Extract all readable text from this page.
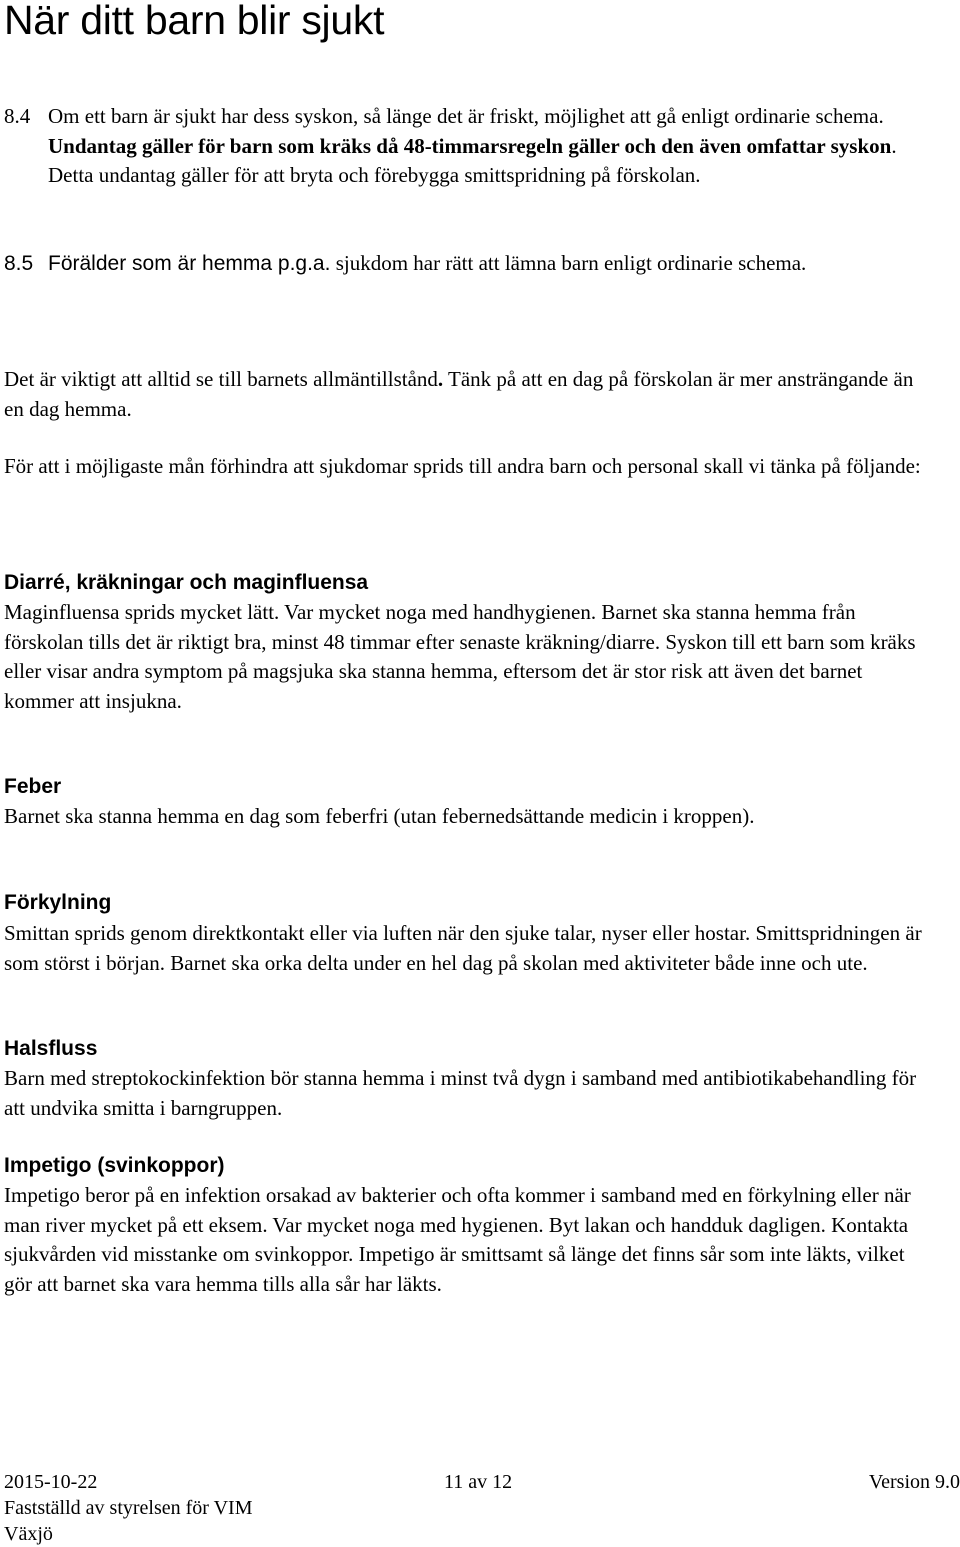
När ditt barn blir sjukt

8.4 Om ett barn är sjukt har dess syskon, så länge det är friskt, möjlighet att gå enligt ordinarie schema. Undantag gäller för barn som kräks då 48-timmarsregeln gäller och den även omfattar syskon. Detta undantag gäller för att bryta och förebygga smittspridning på förskolan.

8.5 Förälder som är hemma p.g.a. sjukdom har rätt att lämna barn enligt ordinarie schema.

Det är viktigt att alltid se till barnets allmäntillstånd. Tänk på att en dag på förskolan är mer ansträngande än en dag hemma.

För att i möjligaste mån förhindra att sjukdomar sprids till andra barn och personal skall vi tänka på följande:

Diarré, kräkningar och maginfluensa

Maginfluensa sprids mycket lätt. Var mycket noga med handhygienen. Barnet ska stanna hemma från förskolan tills det är riktigt bra, minst 48 timmar efter senaste kräkning/diarre. Syskon till ett barn som kräks eller visar andra symptom på magsjuka ska stanna hemma, eftersom det är stor risk att även det barnet kommer att insjukna.

Feber

Barnet ska stanna hemma en dag som feberfri (utan febernedsättande medicin i kroppen).

Förkylning

Smittan sprids genom direktkontakt eller via luften när den sjuke talar, nyser eller hostar. Smittspridningen är som störst i början. Barnet ska orka delta under en hel dag på skolan med aktiviteter både inne och ute.

Halsfluss

Barn med streptokockinfektion bör stanna hemma i minst två dygn i samband med antibiotikabehandling för att undvika smitta i barngruppen.

Impetigo (svinkoppor)

Impetigo beror på en infektion orsakad av bakterier och ofta kommer i samband med en förkylning eller när man river mycket på ett eksem. Var mycket noga med hygienen. Byt lakan och handduk dagligen. Kontakta sjukvården vid misstanke om svinkoppor. Impetigo är smittsamt så länge det finns sår som inte läkts, vilket gör att barnet ska vara hemma tills alla sår har läkts.

2015-10-22	11 av 12	Version 9.0

Fastställd av styrelsen för VIM

Växjö
